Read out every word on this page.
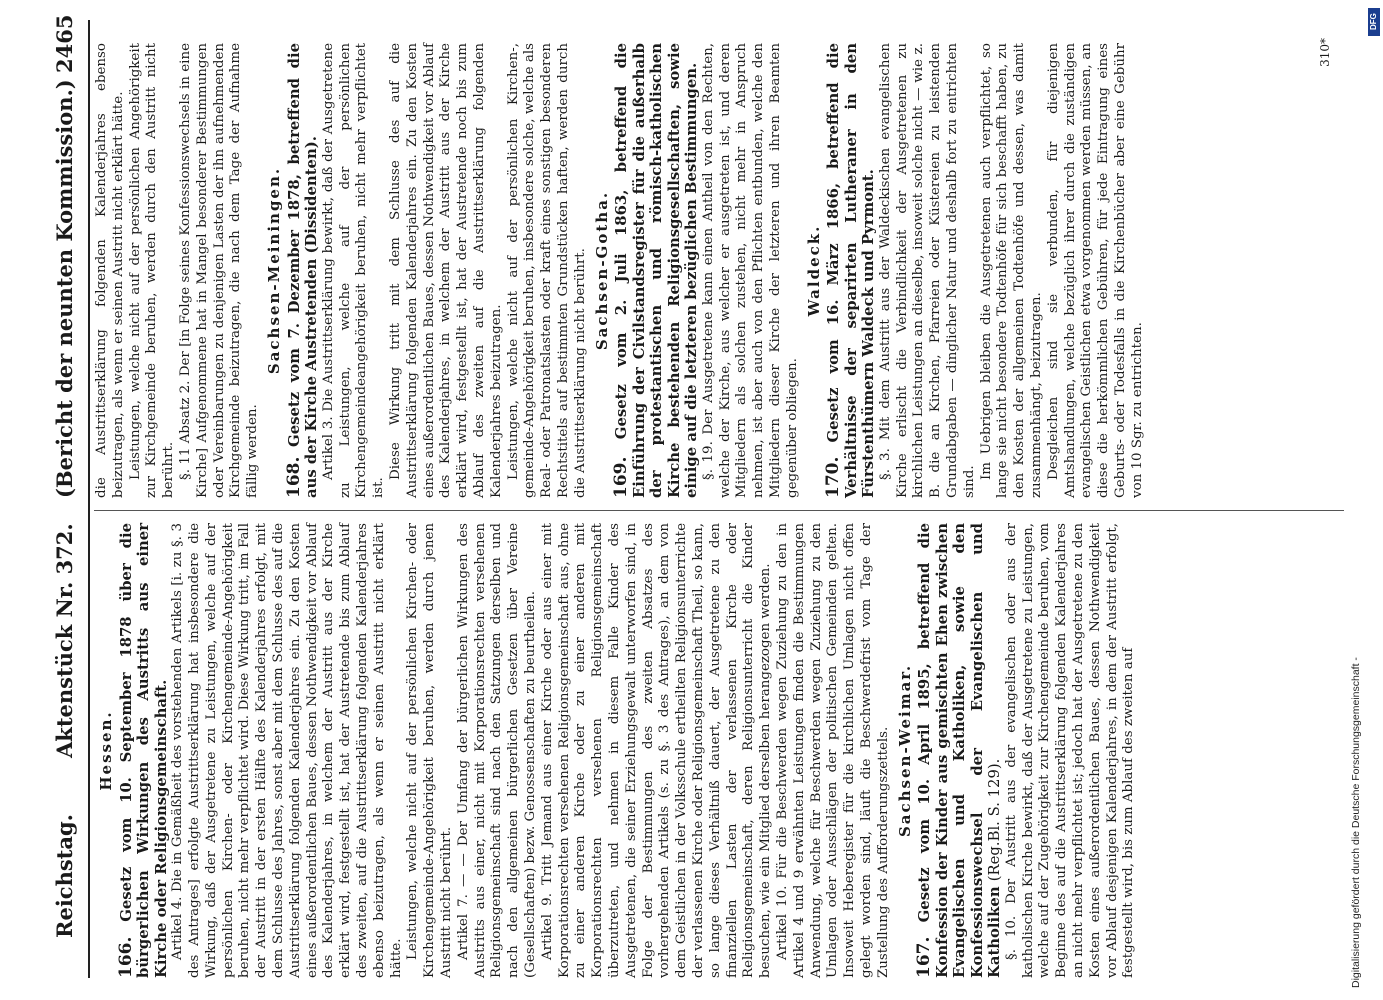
Reichstag.
Aktenstück Nr. 372.
(Bericht der neunten Kommission.)
2465
Hessen.

166. Gesetz vom 10. September 1878 über die bürgerlichen Wirkungen des Austritts aus einer Kirche oder Religionsgemeinschaft. Artikel 4. Die in Gemäßheit des vorstehenden Artikels [i. zu §. 3 des Antrages] erfolgte Austrittserklärung hat insbesondere die Wirkung, daß der Ausgetretene zu Leistungen, welche auf der persönlichen Kirchen- oder Kirchengemeinde-Angehörigkeit beruhen, nicht mehr verpflichtet wird. Diese Wirkung tritt, im Fall der Austritt in der ersten Hälfte des Kalenderjahres erfolgt, mit dem Schlusse des Jahres, sonst aber mit dem Schlusse des auf die Austrittserklärung folgenden Kalenderjahres ein. Zu den Kosten eines außerordentlichen Baues, dessen Nothwendigkeit vor Ablauf des Kalenderjahres, in welchem der Austritt aus der Kirche erklärt wird, festgestellt ist, hat der Austretende bis zum Ablauf des zweiten, auf die Austrittserklärung folgenden Kalenderjahres ebenso beizutragen, als wenn er seinen Austritt nicht erklärt hätte. Leistungen, welche nicht auf der persönlichen Kirchen- oder Kirchengemeinde-Angehörigkeit beruhen, werden durch jenen Austritt nicht berührt. Artikel 7. — — Der Umfang der bürgerlichen Wirkungen des Austritts aus einer, nicht mit Korporationsrechten versehenen Religionsgemeinschaft sind nach den Satzungen derselben und nach den allgemeinen bürgerlichen Gesetzen über Vereine (Gesellschaften) bezw. Genossenschaften zu beurtheilen. Artikel 9. Tritt Jemand aus einer Kirche oder aus einer mit Korporationsrechten versehenen Religionsgemeinschaft aus, ohne zu einer anderen Kirche oder zu einer anderen mit Korporationsrechten versehenen Religionsgemeinschaft überzutreten, und nehmen in diesem Falle Kinder des Ausgetretenen, die seiner Erziehungsgewalt unterworfen sind, in Folge der Bestimmungen des zweiten Absatzes des vorhergehenden Artikels (s. zu §. 3 des Antrages), an dem von dem Geistlichen in der Volksschule ertheilten Religionsunterrichte der verlassenen Kirche oder Religionsgemeinschaft Theil, so kann, so lange dieses Verhältniß dauert, der Ausgetretene zu den finanziellen Lasten der verlassenen Kirche oder Religionsgemeinschaft, deren Religionsunterricht die Kinder besuchen, wie ein Mitglied derselben herangezogen werden. Artikel 10. Für die Beschwerden wegen Zuziehung zu den in Artikel 4 und 9 erwähnten Leistungen finden die Bestimmungen Anwendung, welche für Beschwerden wegen Zuziehung zu den Umlagen oder Ausschlägen der politischen Gemeinden gelten. Insoweit Heberegister für die kirchlichen Umlagen nicht offen gelegt worden sind, läuft die Beschwerdefrist vom Tage der Zustellung des Aufforderungszettels. Sachsen-Weimar.

167. Gesetz vom 10. April 1895, betreffend die Konfession der Kinder aus gemischten Ehen zwischen Evangelischen und Katholiken, sowie den Konfessionswechsel der Evangelischen und Katholiken (Reg.Bl. S. 129). §. 10. Der Austritt aus der evangelischen oder aus der katholischen Kirche bewirkt, daß der Ausgetretene zu Leistungen, welche auf der Zugehörigkeit zur Kirchengemeinde beruhen, vom Beginne des auf die Austrittserklärung folgenden Kalenderjahres an nicht mehr verpflichtet ist; jedoch hat der Ausgetretene zu den Kosten eines außerordentlichen Baues, dessen Nothwendigkeit vor Ablauf desjenigen Kalenderjahres, in dem der Austritt erfolgt, festgestellt wird, bis zum Ablauf des zweiten auf

die Austrittserklärung folgenden Kalenderjahres ebenso beizutragen, als wenn er seinen Austritt nicht erklärt hätte. Leistungen, welche nicht auf der persönlichen Angehörigkeit zur Kirchgemeinde beruhen, werden durch den Austritt nicht berührt. §. 11 Absatz 2. Der [in Folge seines Konfessionswechsels in eine Kirche] Aufgenommene hat in Mangel besonderer Bestimmungen oder Vereinbarungen zu denjenigen Lasten der ihn aufnehmenden Kirchgemeinde beizutragen, die nach dem Tage der Aufnahme fällig werden.

Sachsen-Meiningen.

168. Gesetz vom 7. Dezember 1878, betreffend die aus der Kirche Austretenden (Dissidenten). Artikel 3. Die Austrittserklärung bewirkt, daß der Ausgetretene zu Leistungen, welche auf der persönlichen Kirchengemeindeangehörigkeit beruhen, nicht mehr verpflichtet ist.

Diese Wirkung tritt mit dem Schlusse des auf die Austrittserklärung folgenden Kalenderjahres ein. Zu den Kosten eines außerordentlichen Baues, dessen Nothwendigkeit vor Ablauf des Kalenderjahres, in welchem der Austritt aus der Kirche erklärt wird, festgestellt ist, hat der Austretende noch bis zum Ablauf des zweiten auf die Austrittserklärung folgenden Kalenderjahres beizutragen. Leistungen, welche nicht auf der persönlichen Kirchen-, gemeinde-Angehörigkeit beruhen, insbesondere solche, welche als Real- oder Patronatslasten oder kraft eines sonstigen besonderen Rechtstitels auf bestimmten Grundstücken haften, werden durch die Austrittserklärung nicht berührt. Sachsen-Gotha.

169. Gesetz vom 2. Juli 1863, betreffend die Einführung der Civilstandsregister für die außerhalb der protestantischen und römisch-katholischen Kirche bestehenden Religionsgesellschaften, sowie einige auf die letzteren bezüglichen Bestimmungen. §. 19. Der Ausgetretene kann einen Antheil von den Rechten, welche der Kirche, aus welcher er ausgetreten ist, und deren Mitgliedern als solchen zustehen, nicht mehr in Anspruch nehmen, ist aber auch von den Pflichten entbunden, welche den Mitgliedern dieser Kirche der letzteren und ihren Beamten gegenüber obliegen.

Waldeck.

170. Gesetz vom 16. März 1866, betreffend die Verhältnisse der separirten Lutheraner in den Fürstenthümern Waldeck und Pyrmont. §. 3. Mit dem Austritt aus der Waldeckischen evangelischen Kirche erlischt die Verbindlichkeit der Ausgetretenen zu kirchlichen Leistungen an dieselbe, insoweit solche nicht — wie z. B. die an Kirchen, Pfarreien oder Küstereien zu leistenden Grundabgaben — dinglicher Natur und deshalb fort zu entrichten sind.

Im Uebrigen bleiben die Ausgetretenen auch verpflichtet, so lange sie nicht besondere Todtenhöfe für sich beschafft haben, zu den Kosten der allgemeinen Todtenhöfe und dessen, was damit zusammenhängt, beizutragen. Desgleichen sind sie verbunden, für diejenigen Amtshandlungen, welche bezüglich ihrer durch die zuständigen evangelischen Geistlichen etwa vorgenommen werden müssen, an diese die herkömmlichen Gebühren, für jede Eintragung eines Geburts- oder Todesfalls in die Kirchenbücher aber eine Gebühr von 10 Sgr. zu entrichten.

310*
Digitalisierung gefördert durch die Deutsche Forschungsgemeinschaft -
DFG
